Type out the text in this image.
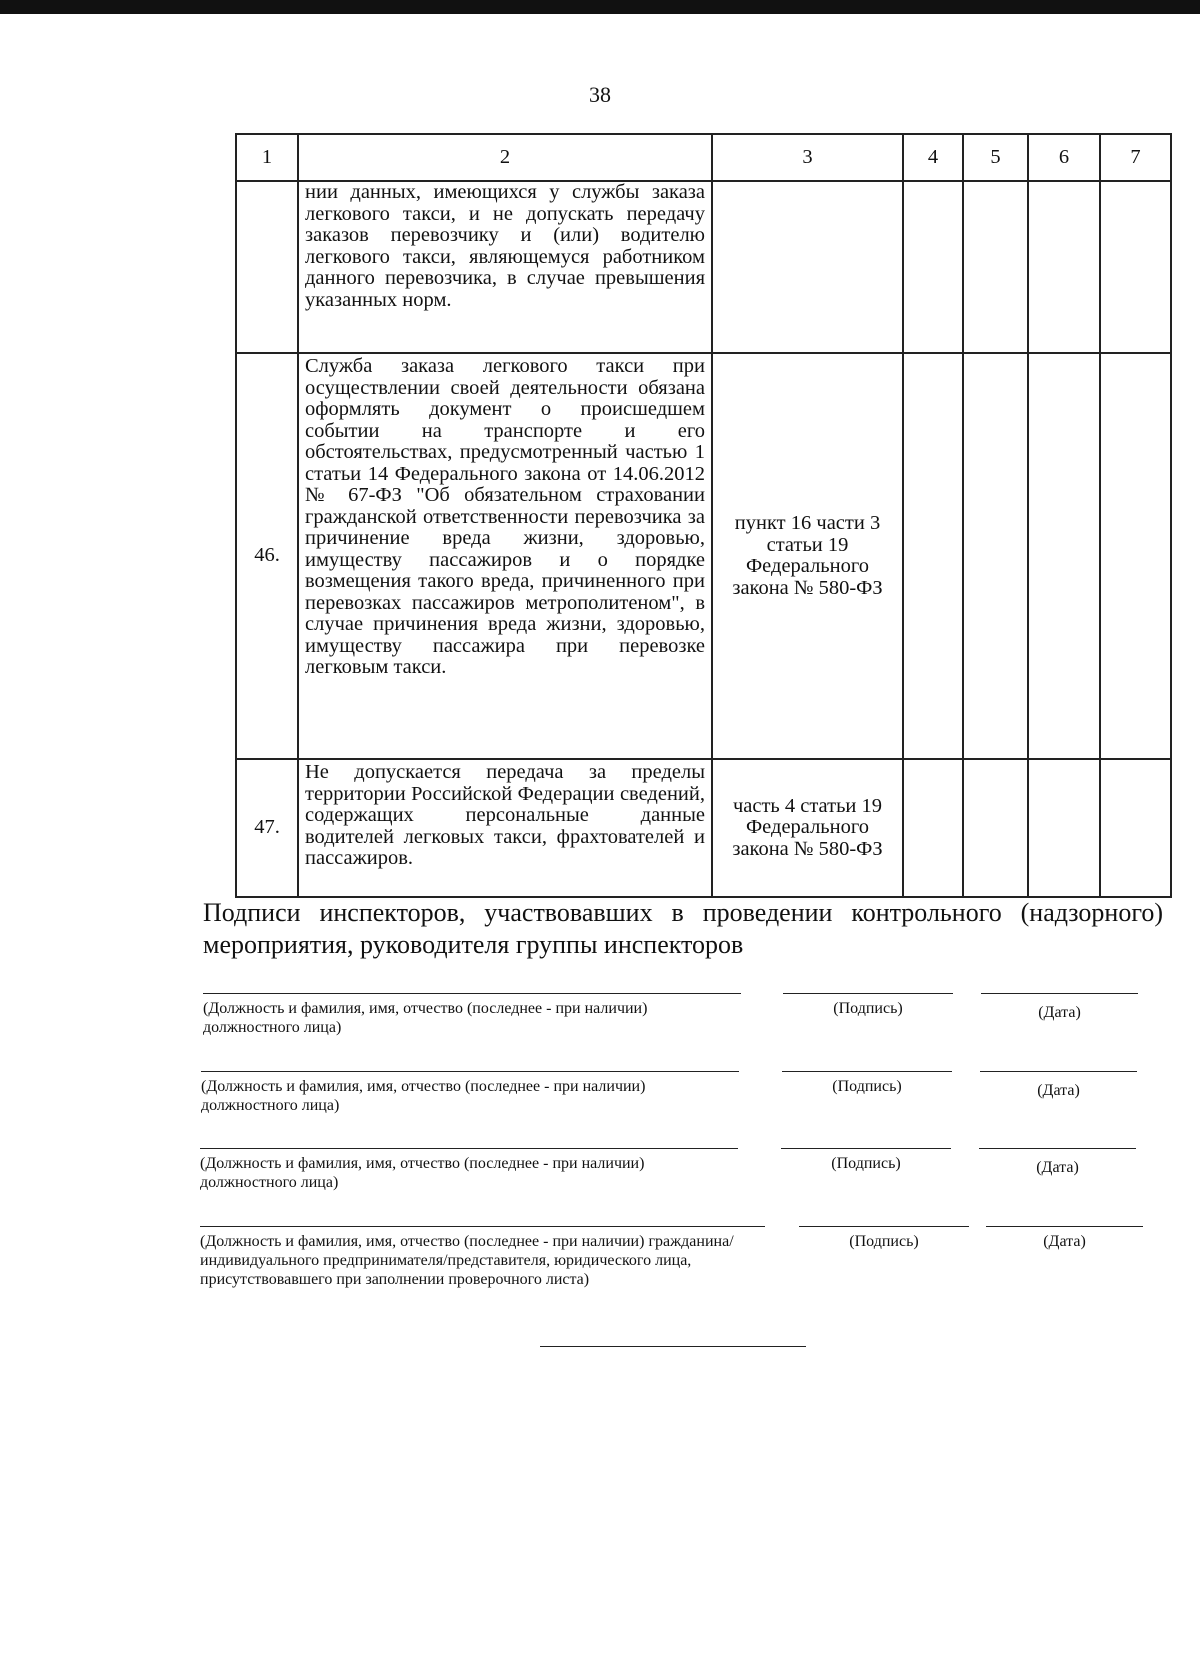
38
1	2	3	4	5	6	7
	нии данных, имеющихся у службы заказа легкового такси, и не допускать передачу заказов перевозчику и (или) водителю легкового такси, являющемуся работником данного перевозчика, в случае превышения указанных норм.					
46.	Служба заказа легкового такси при осуществлении своей деятельности обязана оформлять документ о происшедшем событии на транспорте и его обстоятельствах, предусмотренный частью 1 статьи 14 Федерального закона от 14.06.2012 № 67-ФЗ "Об обязательном страховании гражданской ответственности перевозчика за причинение вреда жизни, здоровью, имуществу пассажиров и о порядке возмещения такого вреда, причиненного при перевозках пассажиров метрополитеном", в случае причинения вреда жизни, здоровью, имуществу пассажира при перевозке легковым такси.	пункт 16 части 3 статьи 19 Федерального закона № 580-ФЗ				
47.	Не допускается передача за пределы территории Российской Федерации сведений, содержащих персональные данные водителей легковых такси, фрахтователей и пассажиров.	часть 4 статьи 19 Федерального закона № 580-ФЗ				
Подписи инспекторов, участвовавших в проведении контрольного (надзорного) мероприятия, руководителя группы инспекторов
(Должность и фамилия, имя, отчество (последнее - при наличии) должностного лица)
(Подпись)	(Дата)
(Должность и фамилия, имя, отчество (последнее - при наличии) должностного лица)
(Подпись)	(Дата)
(Должность и фамилия, имя, отчество (последнее - при наличии) должностного лица)
(Подпись)	(Дата)
(Должность и фамилия, имя, отчество (последнее - при наличии) гражданина/индивидуального предпринимателя/представителя, юридического лица, присутствовавшего при заполнении проверочного листа)
(Подпись)	(Дата)
